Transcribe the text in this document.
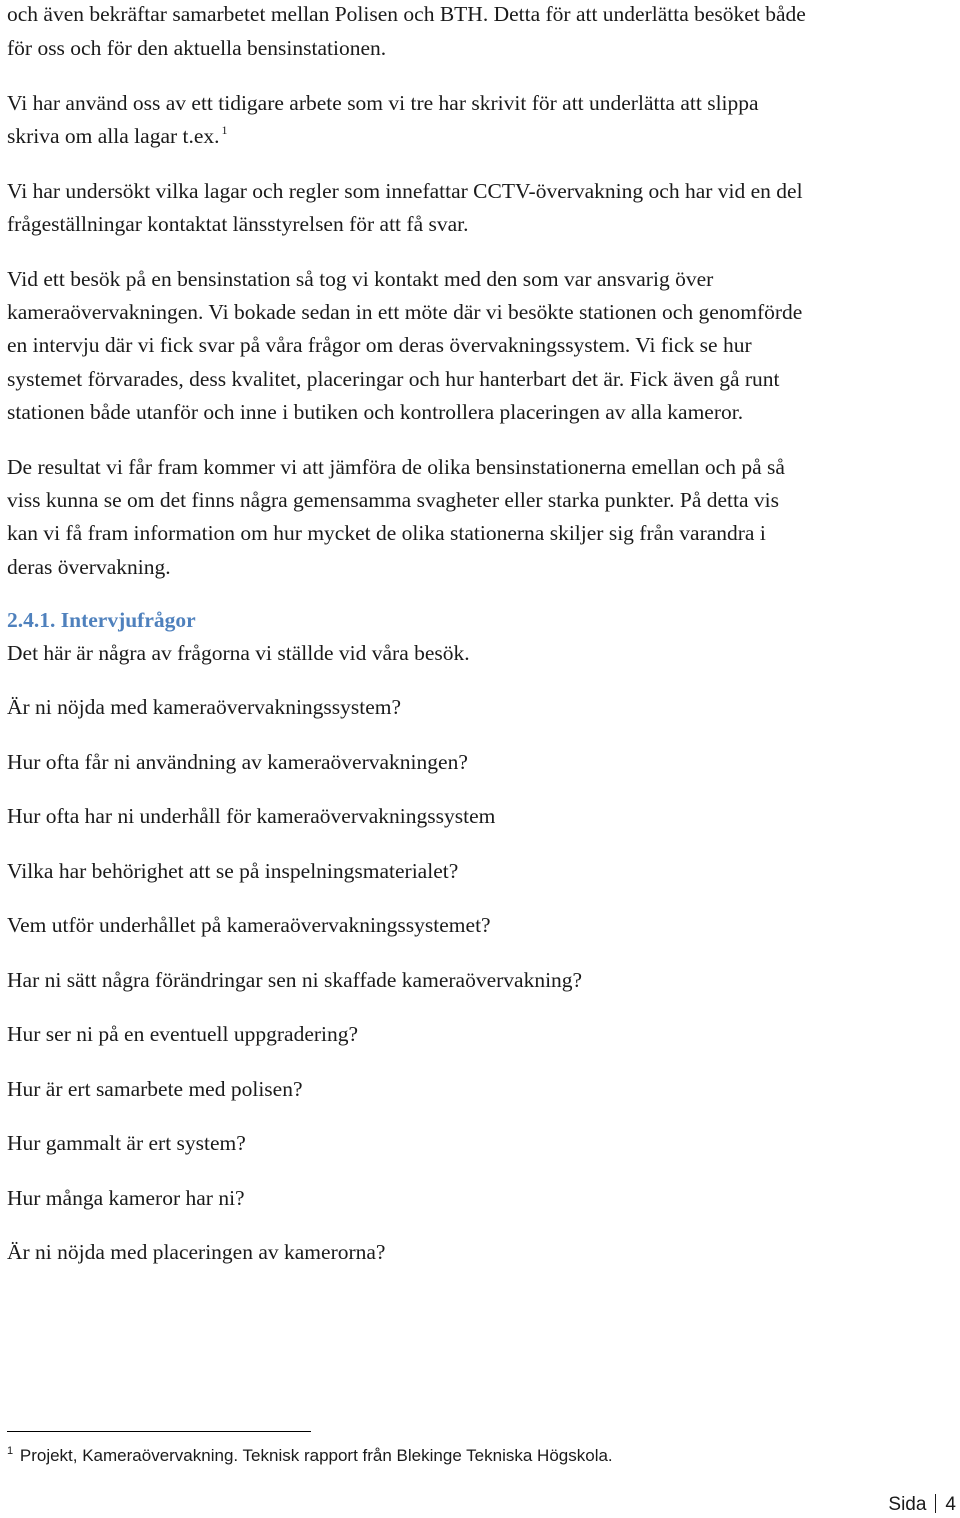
och även bekräftar samarbetet mellan Polisen och BTH. Detta för att underlätta besöket både
för oss och för den aktuella bensinstationen.
Vi har använd oss av ett tidigare arbete som vi tre har skrivit för att underlätta att slippa
skriva om alla lagar t.ex. $^1$
Vi har undersökt vilka lagar och regler som innefattar CCTV-övervakning och har vid en del
frågeställningar kontaktat länsstyrelsen för att få svar.
Vid ett besök på en bensinstation så tog vi kontakt med den som var ansvarig över
kameraövervakningen. Vi bokade sedan in ett möte där vi besökte stationen och genomförde
en intervju där vi fick svar på våra frågor om deras övervakningssystem. Vi fick se hur
systemet förvarades, dess kvalitet, placeringar och hur hanterbart det är. Fick även gå runt
stationen både utanför och inne i butiken och kontrollera placeringen av alla kameror.
De resultat vi får fram kommer vi att jämföra de olika bensinstationerna emellan och på så
viss kunna se om det finns några gemensamma svagheter eller starka punkter. På detta vis
kan vi få fram information om hur mycket de olika stationerna skiljer sig från varandra i
deras övervakning.
2.4.1. Intervjufrågor
Det här är några av frågorna vi ställde vid våra besök.
Är ni nöjda med kameraövervakningssystem?
Hur ofta får ni användning av kameraövervakningen?
Hur ofta har ni underhåll för kameraövervakningssystem
Vilka har behörighet att se på inspelningsmaterialet?
Vem utför underhållet på kameraövervakningssystemet?
Har ni sätt några förändringar sen ni skaffade kameraövervakning?
Hur ser ni på en eventuell uppgradering?
Hur är ert samarbete med polisen?
Hur gammalt är ert system?
Hur många kameror har ni?
Är ni nöjda med placeringen av kamerorna?
$^1$ Projekt, Kameraövervakning. Teknisk rapport från Blekinge Tekniska Högskola.
Sida 4
